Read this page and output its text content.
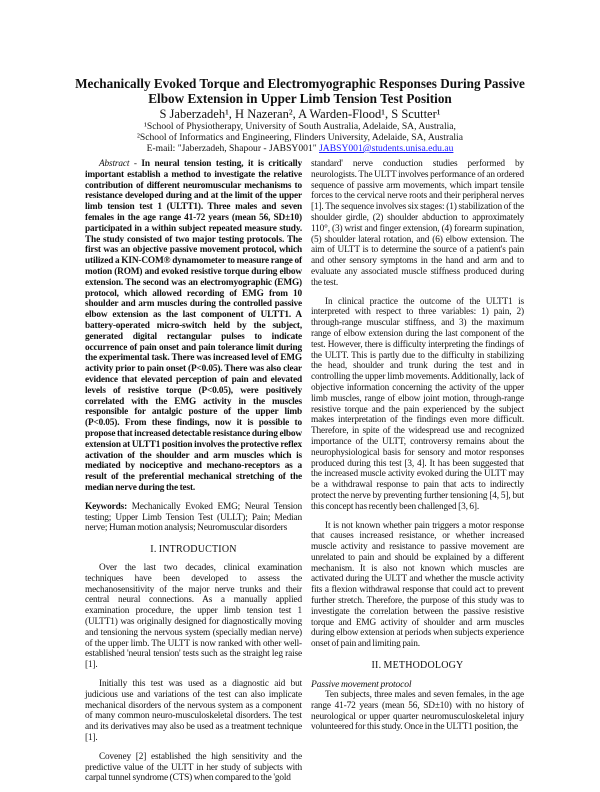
Mechanically Evoked Torque and Electromyographic Responses During Passive Elbow Extension in Upper Limb Tension Test Position
S Jaberzadeh¹, H Nazeran², A Warden-Flood¹, S Scutter¹
¹School of Physiotherapy, University of South Australia, Adelaide, SA, Australia,
²School of Informatics and Engineering, Flinders University, Adelaide, SA, Australia
E-mail: "Jaberzadeh, Shapour - JABSY001" JABSY001@students.unisa.edu.au

Abstract - In neural tension testing, it is critically important establish a method to investigate the relative contribution of different neuromuscular mechanisms to resistance developed during and at the limit of the upper limb tension test 1 (ULTT1). Three males and seven females in the age range 41-72 years (mean 56, SD±10) participated in a within subject repeated measure study. The study consisted of two major testing protocols. The first was an objective passive movement protocol, which utilized a KIN-COM® dynamometer to measure range of motion (ROM) and evoked resistive torque during elbow extension. The second was an electromyographic (EMG) protocol, which allowed recording of EMG from 10 shoulder and arm muscles during the controlled passive elbow extension as the last component of ULTT1. A battery-operated micro-switch held by the subject, generated digital rectangular pulses to indicate occurrence of pain onset and pain tolerance limit during the experimental task. There was increased level of EMG activity prior to pain onset (P<0.05). There was also clear evidence that elevated perception of pain and elevated levels of resistive torque (P<0.05), were positively correlated with the EMG activity in the muscles responsible for antalgic posture of the upper limb (P<0.05). From these findings, now it is possible to propose that increased detectable resistance during elbow extension at ULTT1 position involves the protective reflex activation of the shoulder and arm muscles which is mediated by nociceptive and mechano-receptors as a result of the preferential mechanical stretching of the median nerve during the test.

Keywords: Mechanically Evoked EMG; Neural Tension testing; Upper Limb Tension Test (ULLT); Pain; Median nerve; Human motion analysis; Neuromuscular disorders

I. INTRODUCTION

Over the last two decades, clinical examination techniques have been developed to assess the mechanosensitivity of the major nerve trunks and their central neural connections. As a manually applied examination procedure, the upper limb tension test 1 (ULTT1) was originally designed for diagnostically moving and tensioning the nervous system (specially median nerve) of the upper limb. The ULTT is now ranked with other well-established 'neural tension' tests such as the straight leg raise [1].

Initially this test was used as a diagnostic aid but judicious use and variations of the test can also implicate mechanical disorders of the nervous system as a component of many common neuro-musculoskeletal disorders. The test and its derivatives may also be used as a treatment technique [1].

Coveney [2] established the high sensitivity and the predictive value of the ULTT in her study of subjects with carpal tunnel syndrome (CTS) when compared to the 'gold

standard' nerve conduction studies performed by neurologists. The ULTT involves performance of an ordered sequence of passive arm movements, which impart tensile forces to the cervical nerve roots and their peripheral nerves [1]. The sequence involves six stages: (1) stabilization of the shoulder girdle, (2) shoulder abduction to approximately 110°, (3) wrist and finger extension, (4) forearm supination, (5) shoulder lateral rotation, and (6) elbow extension. The aim of ULTT is to determine the source of a patient's pain and other sensory symptoms in the hand and arm and to evaluate any associated muscle stiffness produced during the test.

In clinical practice the outcome of the ULTT1 is interpreted with respect to three variables: 1) pain, 2) through-range muscular stiffness, and 3) the maximum range of elbow extension during the last component of the test. However, there is difficulty interpreting the findings of the ULTT. This is partly due to the difficulty in stabilizing the head, shoulder and trunk during the test and in controlling the upper limb movements. Additionally, lack of objective information concerning the activity of the upper limb muscles, range of elbow joint motion, through-range resistive torque and the pain experienced by the subject makes interpretation of the findings even more difficult. Therefore, in spite of the widespread use and recognized importance of the ULTT, controversy remains about the neurophysiological basis for sensory and motor responses produced during this test [3, 4]. It has been suggested that the increased muscle activity evoked during the ULTT may be a withdrawal response to pain that acts to indirectly protect the nerve by preventing further tensioning [4, 5], but this concept has recently been challenged [3, 6].

It is not known whether pain triggers a motor response that causes increased resistance, or whether increased muscle activity and resistance to passive movement are unrelated to pain and should be explained by a different mechanism. It is also not known which muscles are activated during the ULTT and whether the muscle activity fits a flexion withdrawal response that could act to prevent further stretch. Therefore, the purpose of this study was to investigate the correlation between the passive resistive torque and EMG activity of shoulder and arm muscles during elbow extension at periods when subjects experience onset of pain and limiting pain.

II. METHODOLOGY
Passive movement protocol

Ten subjects, three males and seven females, in the age range 41-72 years (mean 56, SD±10) with no history of neurological or upper quarter neuromusculoskeletal injury volunteered for this study. Once in the ULTT1 position, the
